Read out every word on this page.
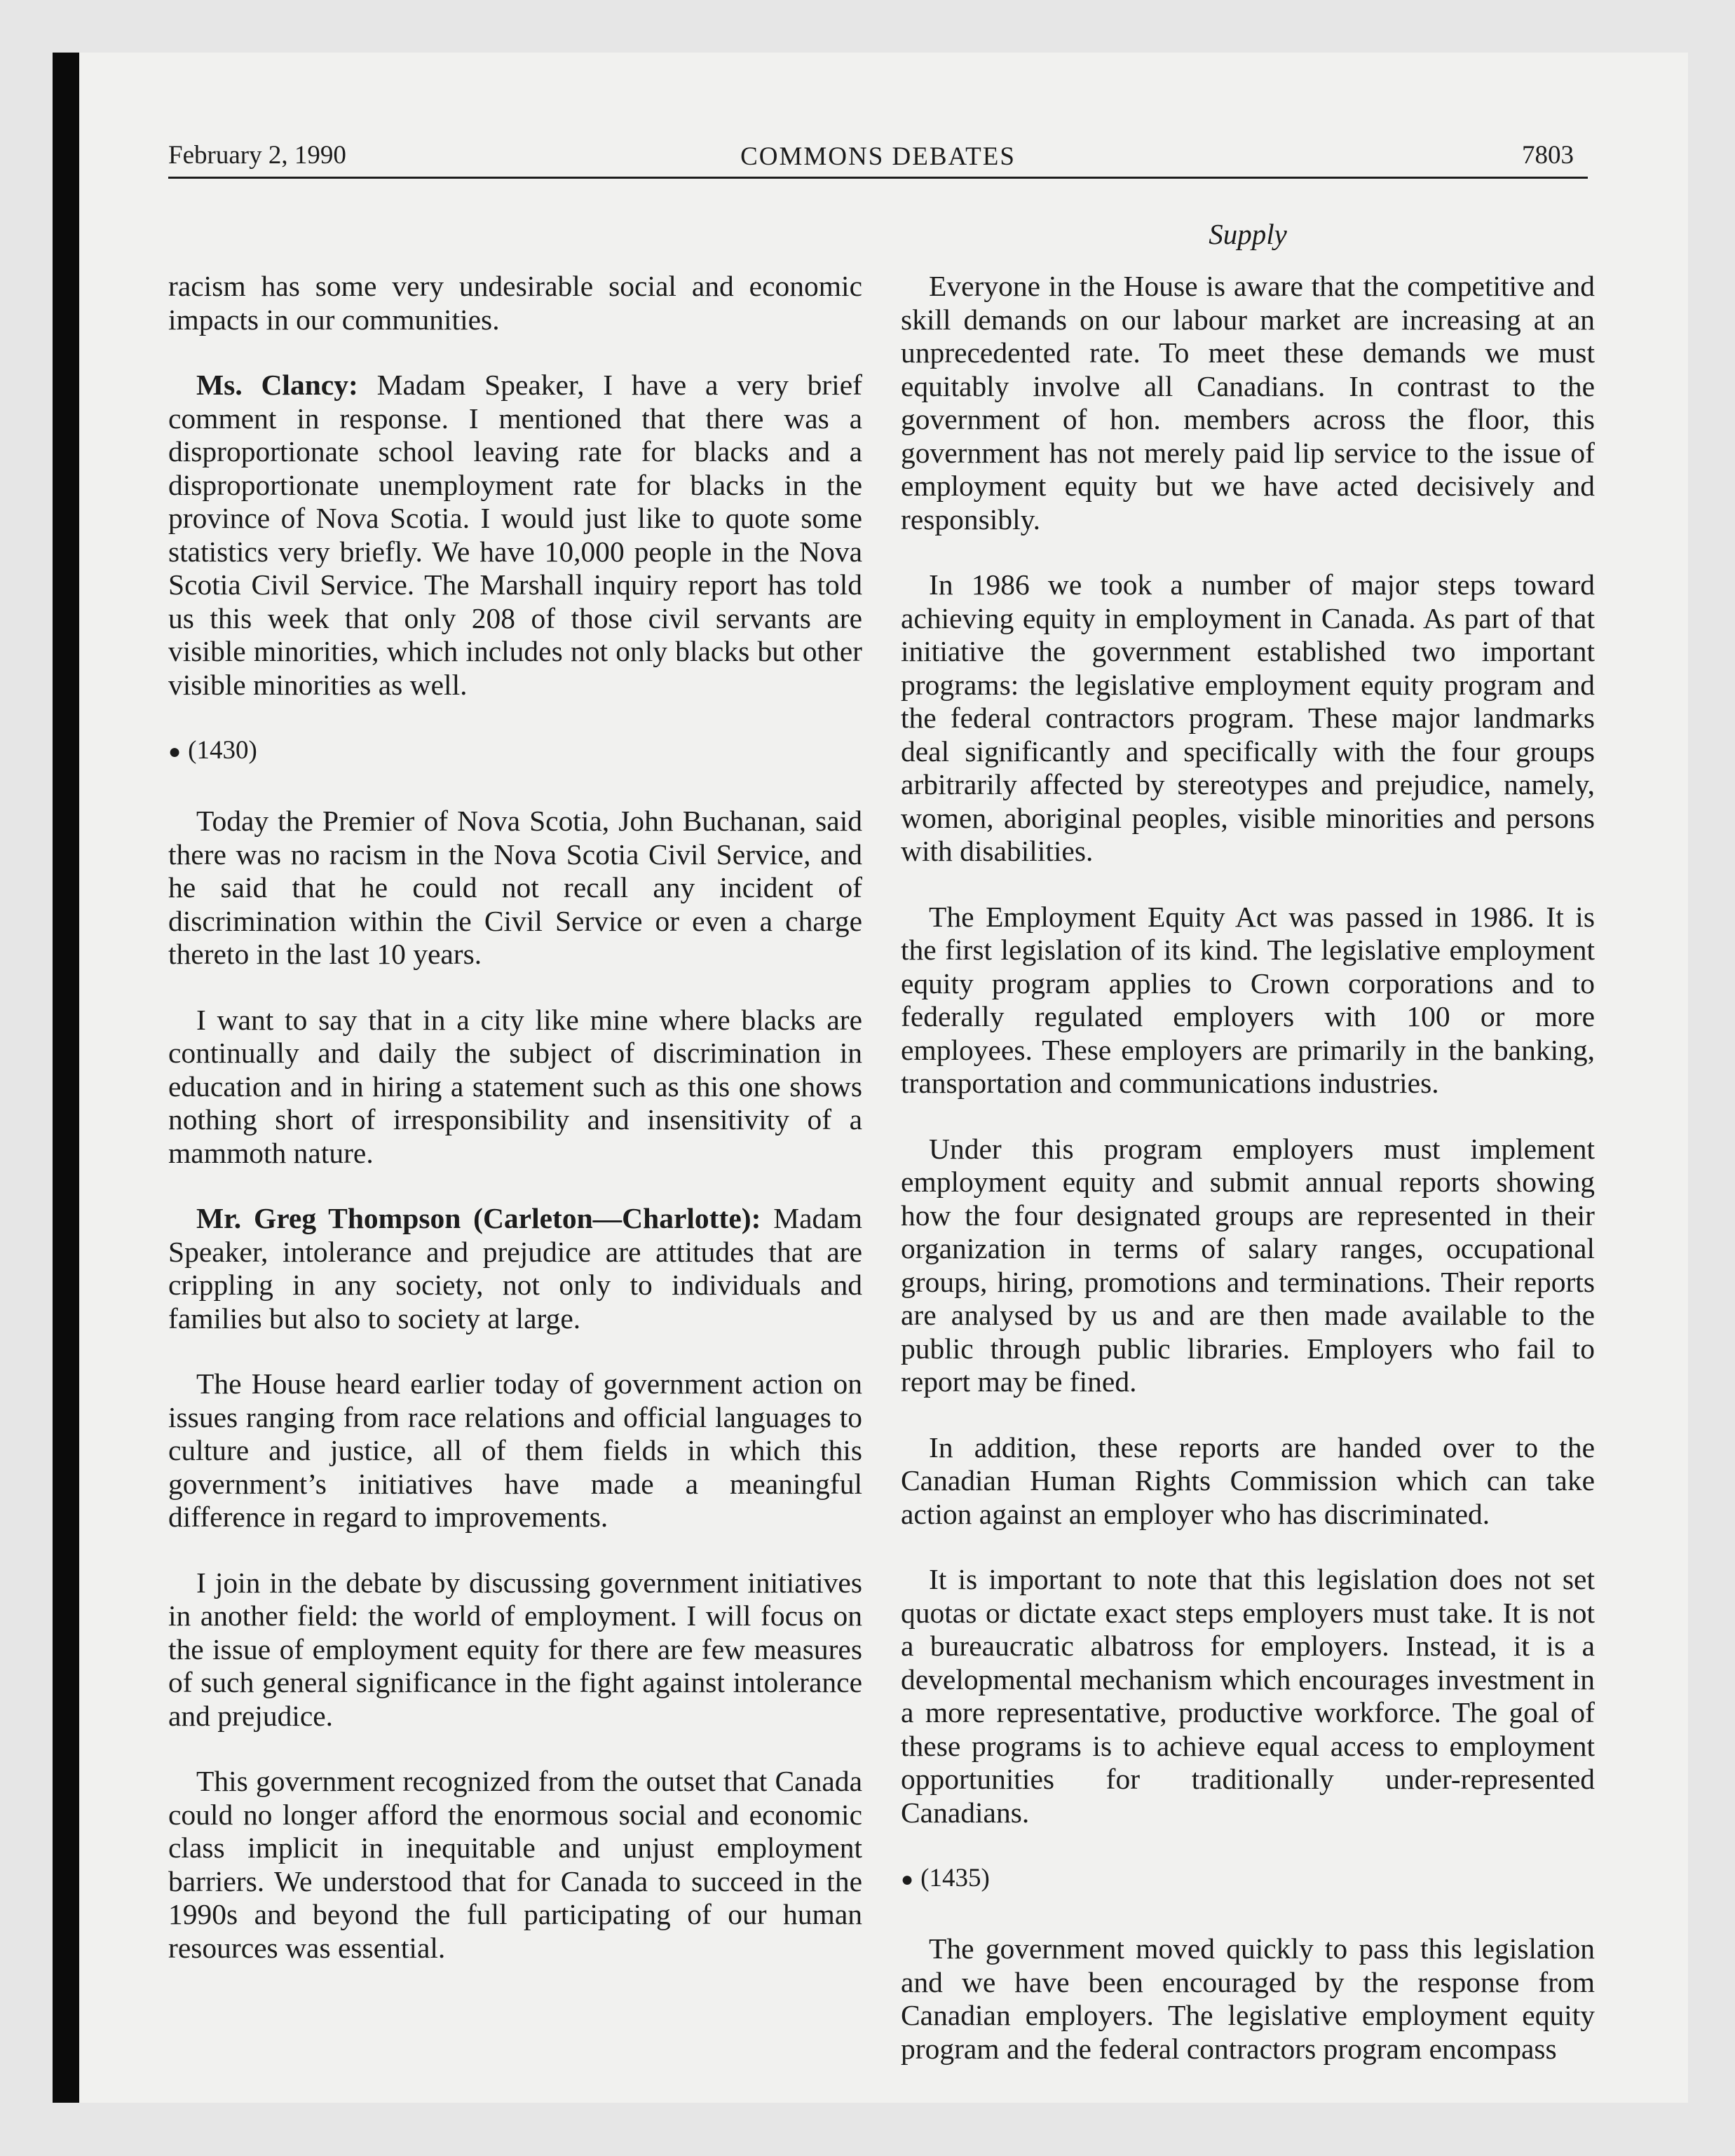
February 2, 1990	COMMONS DEBATES	7803
Supply

racism has some very undesirable social and economic impacts in our communities.

Ms. Clancy: Madam Speaker, I have a very brief comment in response. I mentioned that there was a disproportionate school leaving rate for blacks and a disproportionate unemployment rate for blacks in the province of Nova Scotia. I would just like to quote some statistics very briefly. We have 10,000 people in the Nova Scotia Civil Service. The Marshall inquiry report has told us this week that only 208 of those civil servants are visible minorities, which includes not only blacks but other visible minorities as well.

● (1430)

Today the Premier of Nova Scotia, John Buchanan, said there was no racism in the Nova Scotia Civil Service, and he said that he could not recall any incident of discrimination within the Civil Service or even a charge thereto in the last 10 years.

I want to say that in a city like mine where blacks are continually and daily the subject of discrimination in education and in hiring a statement such as this one shows nothing short of irresponsibility and insensitivity of a mammoth nature.

Mr. Greg Thompson (Carleton—Charlotte): Madam Speaker, intolerance and prejudice are attitudes that are crippling in any society, not only to individuals and families but also to society at large.

The House heard earlier today of government action on issues ranging from race relations and official languages to culture and justice, all of them fields in which this government’s initiatives have made a meaningful difference in regard to improvements.

I join in the debate by discussing government initiatives in another field: the world of employment. I will focus on the issue of employment equity for there are few measures of such general significance in the fight against intolerance and prejudice.

This government recognized from the outset that Canada could no longer afford the enormous social and economic class implicit in inequitable and unjust employment barriers. We understood that for Canada to succeed in the 1990s and beyond the full participating of our human resources was essential.

Everyone in the House is aware that the competitive and skill demands on our labour market are increasing at an unprecedented rate. To meet these demands we must equitably involve all Canadians. In contrast to the government of hon. members across the floor, this government has not merely paid lip service to the issue of employment equity but we have acted decisively and responsibly.

In 1986 we took a number of major steps toward achieving equity in employment in Canada. As part of that initiative the government established two important programs: the legislative employment equity program and the federal contractors program. These major landmarks deal significantly and specifically with the four groups arbitrarily affected by stereotypes and prejudice, namely, women, aboriginal peoples, visible minorities and persons with disabilities.

The Employment Equity Act was passed in 1986. It is the first legislation of its kind. The legislative employment equity program applies to Crown corporations and to federally regulated employers with 100 or more employees. These employers are primarily in the banking, transportation and communications industries.

Under this program employers must implement employment equity and submit annual reports showing how the four designated groups are represented in their organization in terms of salary ranges, occupational groups, hiring, promotions and terminations. Their reports are analysed by us and are then made available to the public through public libraries. Employers who fail to report may be fined.

In addition, these reports are handed over to the Canadian Human Rights Commission which can take action against an employer who has discriminated.

It is important to note that this legislation does not set quotas or dictate exact steps employers must take. It is not a bureaucratic albatross for employers. Instead, it is a developmental mechanism which encourages investment in a more representative, productive workforce. The goal of these programs is to achieve equal access to employment opportunities for traditionally under-represented Canadians.

● (1435)

The government moved quickly to pass this legislation and we have been encouraged by the response from Canadian employers. The legislative employment equity program and the federal contractors program encompass
